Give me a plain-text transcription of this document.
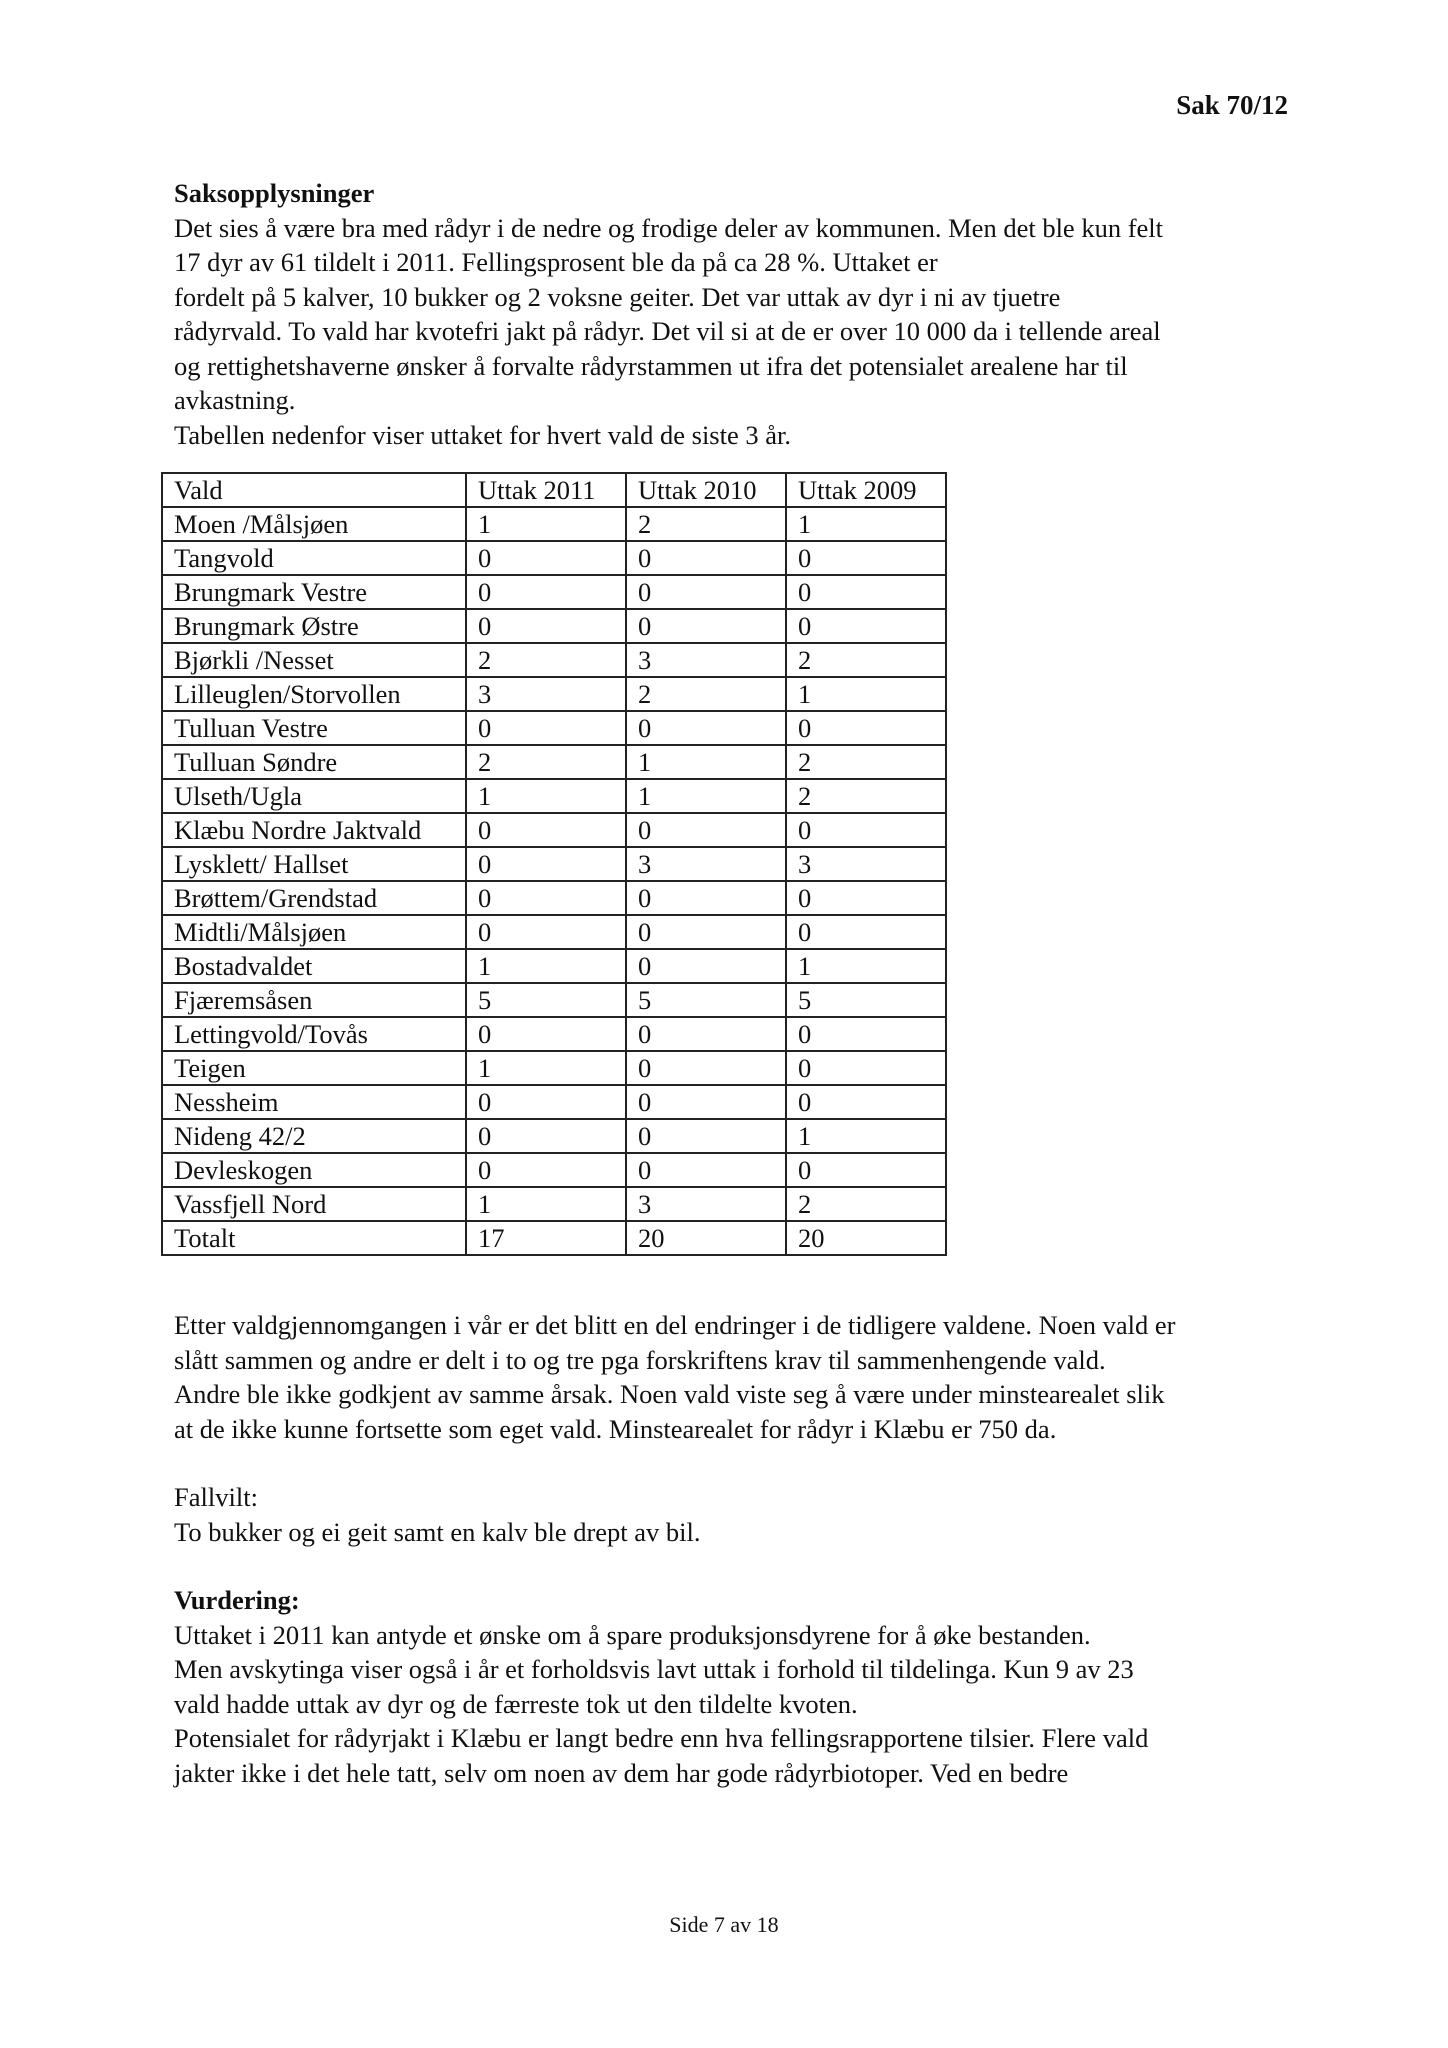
Sak 70/12

Saksopplysninger

Det sies å være bra med rådyr i de nedre og frodige deler av kommunen. Men det ble kun felt

17 dyr av 61 tildelt i 2011. Fellingsprosent ble da på ca 28 %. Uttaket er

fordelt på 5 kalver, 10 bukker og 2 voksne geiter. Det var uttak av dyr i ni av tjuetre

rådyrvald. To vald har kvotefri jakt på rådyr. Det vil si at de er over 10 000 da i tellende areal

og rettighetshaverne ønsker å forvalte rådyrstammen ut ifra det potensialet arealene har til

avkastning.

Tabellen nedenfor viser uttaket for hvert vald de siste 3 år.

Vald	Uttak 2011	Uttak 2010	Uttak 2009
Moen /Målsjøen	1	2	1
Tangvold	0	0	0
Brungmark Vestre	0	0	0
Brungmark Østre	0	0	0
Bjørkli /Nesset	2	3	2
Lilleuglen/Storvollen	3	2	1
Tulluan Vestre	0	0	0
Tulluan Søndre	2	1	2
Ulseth/Ugla	1	1	2
Klæbu Nordre Jaktvald	0	0	0
Lysklett/ Hallset	0	3	3
Brøttem/Grendstad	0	0	0
Midtli/Målsjøen	0	0	0
Bostadvaldet	1	0	1
Fjæremsåsen	5	5	5
Lettingvold/Tovås	0	0	0
Teigen	1	0	0
Nessheim	0	0	0
Nideng 42/2	0	0	1
Devleskogen	0	0	0
Vassfjell Nord	1	3	2
Totalt	17	20	20

Etter valdgjennomgangen i vår er det blitt en del endringer i de tidligere valdene. Noen vald er

slått sammen og andre er delt i to og tre pga forskriftens krav til sammenhengende vald.

Andre ble ikke godkjent av samme årsak. Noen vald viste seg å være under minstearealet slik

at de ikke kunne fortsette som eget vald. Minstearealet for rådyr i Klæbu er 750 da.

Fallvilt:

To bukker og ei geit samt en kalv ble drept av bil.

Vurdering:

Uttaket i 2011 kan antyde et ønske om å spare produksjonsdyrene for å øke bestanden.

Men avskytinga viser også i år et forholdsvis lavt uttak i forhold til tildelinga. Kun 9 av 23

vald hadde uttak av dyr og de færreste tok ut den tildelte kvoten.

Potensialet for rådyrjakt i Klæbu er langt bedre enn hva fellingsrapportene tilsier. Flere vald

jakter ikke i det hele tatt, selv om noen av dem har gode rådyrbiotoper. Ved en bedre

Side 7 av 18
